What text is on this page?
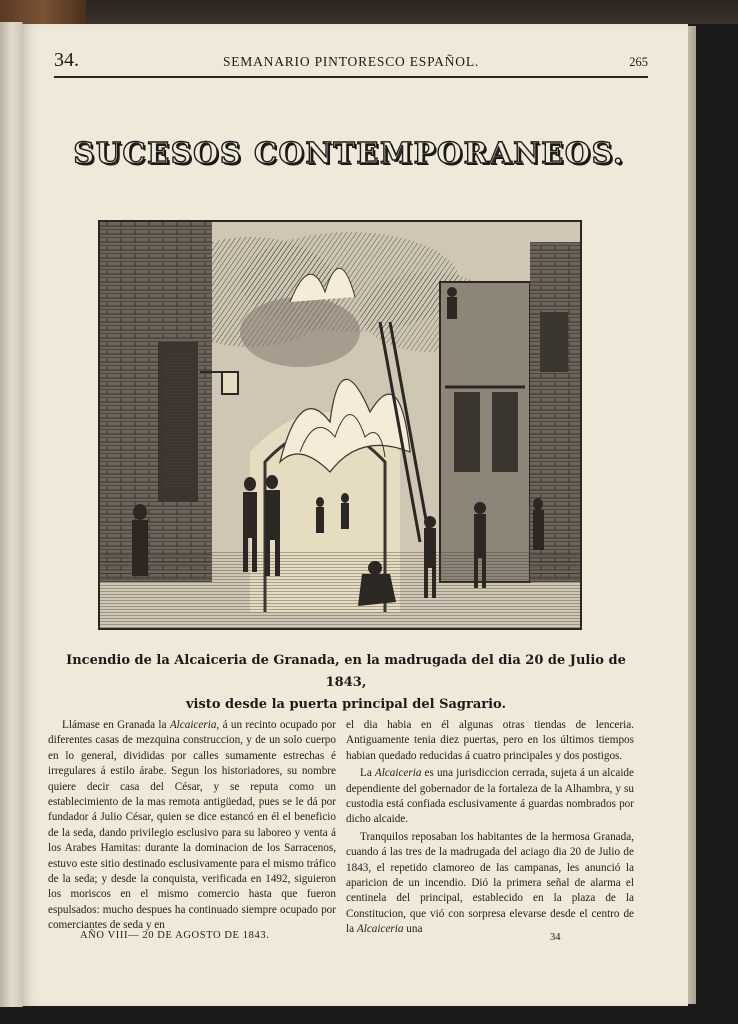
34.	SEMANARIO PINTORESCO ESPAÑOL.	265
SUCESOS CONTEMPORANEOS.
Incendio de la Alcaiceria de Granada, en la madrugada del dia 20 de Julio de 1843,
visto desde la puerta principal del Sagrario.

Llámase en Granada la Alcaiceria, á un recinto ocupado por diferentes casas de mezquina construccion, y de un solo cuerpo en lo general, divididas por calles sumamente estrechas é irregulares á estilo árabe. Segun los historiadores, su nombre quiere decir casa del César, y se reputa como un establecimiento de la mas remota antigüedad, pues se le dá por fundador á Julio César, quien se dice estancó en él el beneficio de la seda, dando privilegio esclusivo para su laboreo y venta á los Arabes Hamitas: durante la dominacion de los Sarracenos, estuvo este sitio destinado esclusivamente para el mismo tráfico de la seda; y desde la conquista, verificada en 1492, siguieron los moriscos en el mismo comercio hasta que fueron espulsados: mucho despues ha continuado siempre ocupado por comerciantes de seda y en

el dia habia en él algunas otras tiendas de lenceria. Antiguamente tenia diez puertas, pero en los últimos tiempos habian quedado reducidas á cuatro principales y dos postigos.

La Alcaiceria es una jurisdiccion cerrada, sujeta á un alcaide dependiente del gobernador de la fortaleza de la Alhambra, y su custodia está confiada esclusivamente á guardas nombrados por dicho alcaide.

Tranquilos reposaban los habitantes de la hermosa Granada, cuando á las tres de la madrugada del aciago dia 20 de Julio de 1843, el repetido clamoreo de las campanas, les anunció la aparicion de un incendio. Dió la primera señal de alarma el centinela del principal, establecido en la plaza de la Constitucion, que vió con sorpresa elevarse desde el centro de la Alcaiceria una

AÑO VIII— 20 DE AGOSTO DE 1843.	34
